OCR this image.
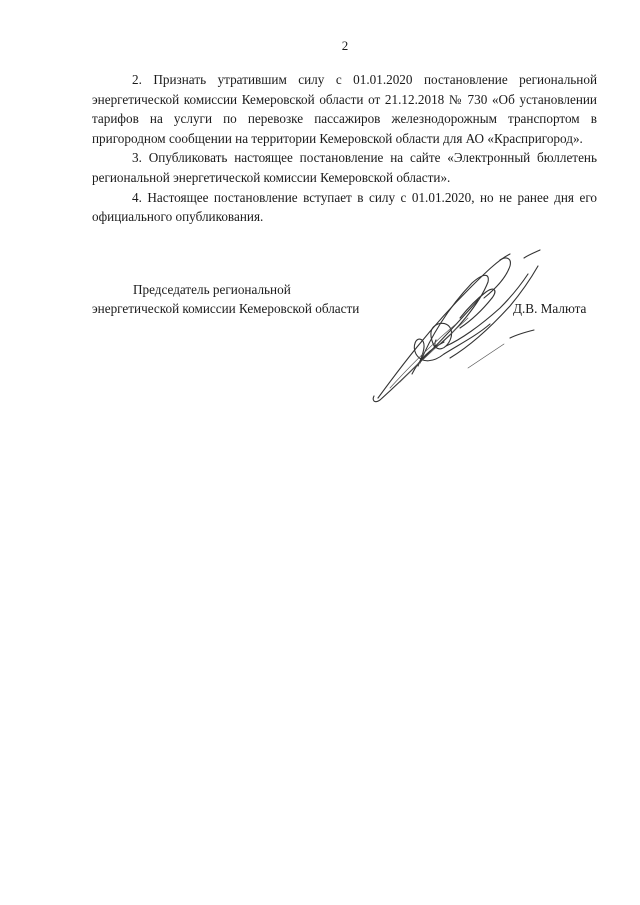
2

2. Признать утратившим силу с 01.01.2020 постановление региональной энергетической комиссии Кемеровской области от 21.12.2018 № 730 «Об установлении тарифов на услуги по перевозке пассажиров железнодорожным транспортом в пригородном сообщении на территории Кемеровской области для АО «Краспригород».

3. Опубликовать настоящее постановление на сайте «Электронный бюллетень региональной энергетической комиссии Кемеровской области».

4. Настоящее постановление вступает в силу с 01.01.2020, но не ранее дня его официального опубликования.

Председатель региональной
энергетической комиссии Кемеровской области	Д.В. Малюта
